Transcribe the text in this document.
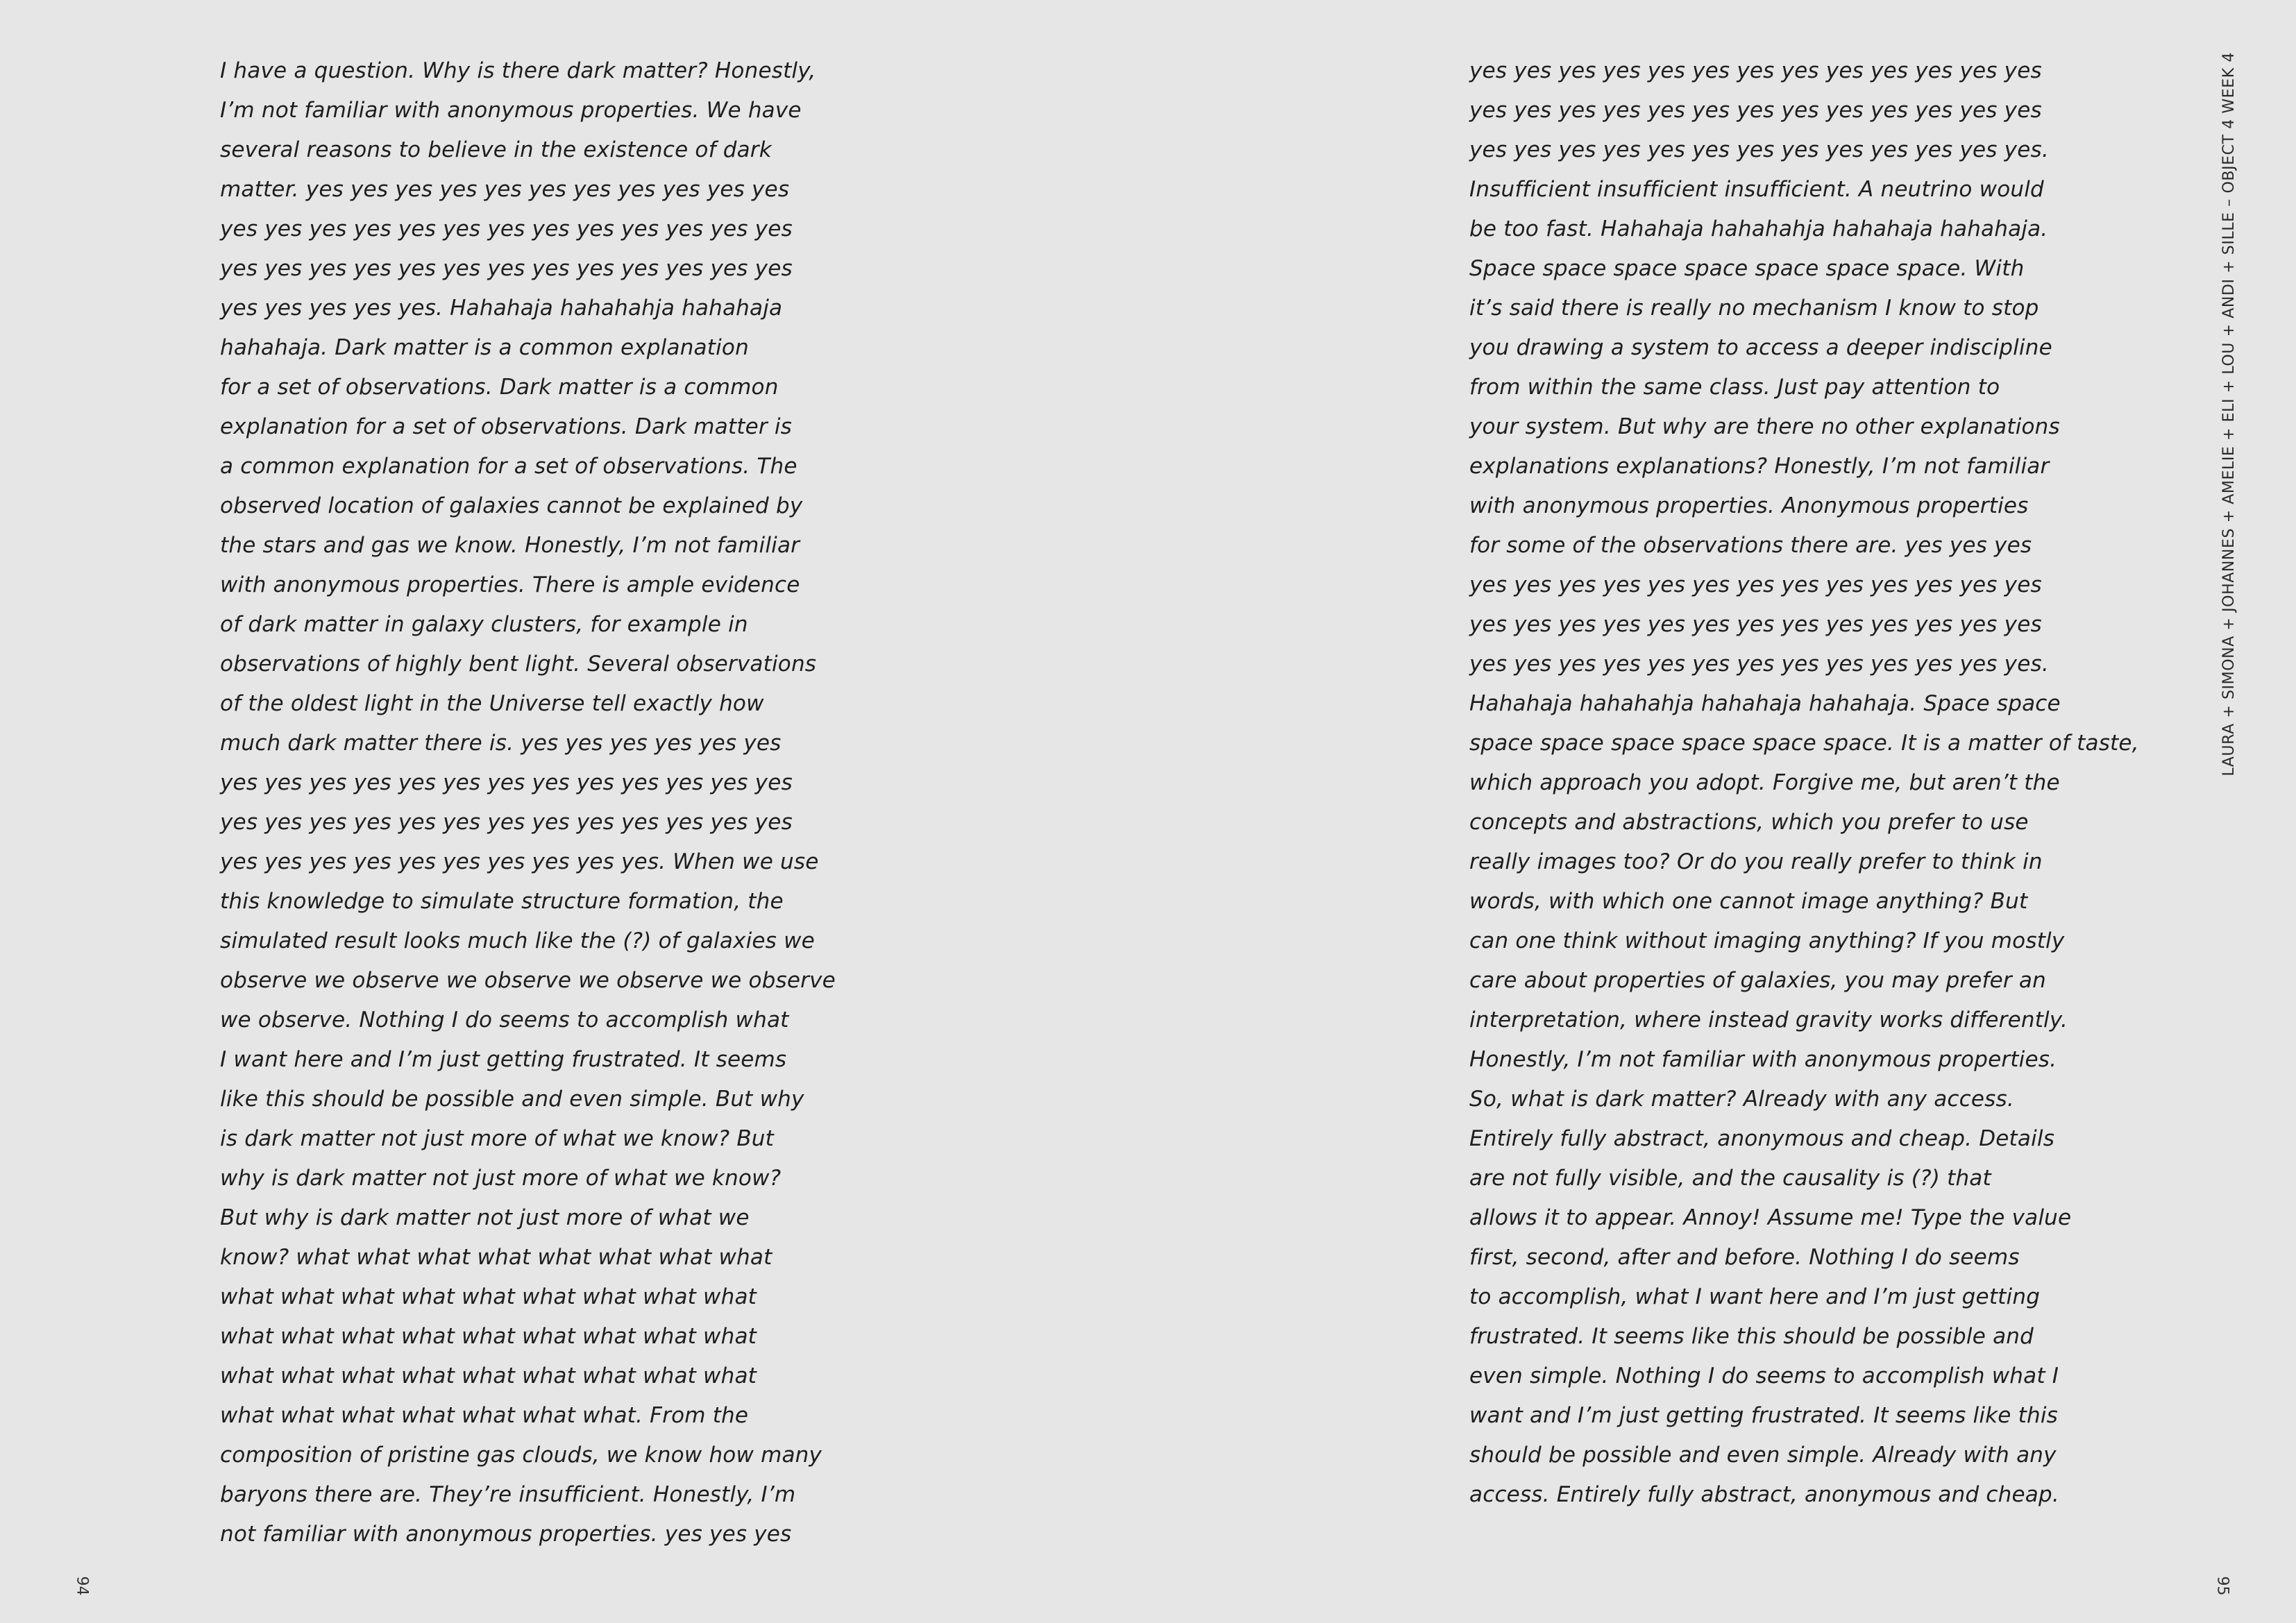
I have a question. Why is there dark matter? Honestly,
I’m not familiar with anonymous properties. We have
several reasons to believe in the existence of dark
matter. yes yes yes yes yes yes yes yes yes yes yes
yes yes yes yes yes yes yes yes yes yes yes yes yes
yes yes yes yes yes yes yes yes yes yes yes yes yes
yes yes yes yes yes. Hahahaja hahahahja hahahaja
hahahaja. Dark matter is a common explanation
for a set of observations. Dark matter is a common
explanation for a set of observations. Dark matter is
a common explanation for a set of observations. The
observed location of galaxies cannot be explained by
the stars and gas we know. Honestly, I’m not familiar
with anonymous properties. There is ample evidence
of dark matter in galaxy clusters, for example in
observations of highly bent light. Several observations
of the oldest light in the Universe tell exactly how
much dark matter there is. yes yes yes yes yes yes
yes yes yes yes yes yes yes yes yes yes yes yes yes
yes yes yes yes yes yes yes yes yes yes yes yes yes
yes yes yes yes yes yes yes yes yes yes. When we use
this knowledge to simulate structure formation, the
simulated result looks much like the (?) of galaxies we
observe we observe we observe we observe we observe
we observe. Nothing I do seems to accomplish what
I want here and I’m just getting frustrated. It seems
like this should be possible and even simple. But why
is dark matter not just more of what we know? But
why is dark matter not just more of what we know?
But why is dark matter not just more of what we
know? what what what what what what what what
what what what what what what what what what
what what what what what what what what what
what what what what what what what what what
what what what what what what what. From the
composition of pristine gas clouds, we know how many
baryons there are. They’re insufficient. Honestly, I’m
not familiar with anonymous properties. yes yes yes
94
yes yes yes yes yes yes yes yes yes yes yes yes yes
yes yes yes yes yes yes yes yes yes yes yes yes yes
yes yes yes yes yes yes yes yes yes yes yes yes yes.
Insufficient insufficient insufficient. A neutrino would
be too fast. Hahahaja hahahahja hahahaja hahahaja.
Space space space space space space space. With
it’s said there is really no mechanism I know to stop
you drawing a system to access a deeper indiscipline
from within the same class. Just pay attention to
your system. But why are there no other explanations
explanations explanations? Honestly, I’m not familiar
with anonymous properties. Anonymous properties
for some of the observations there are. yes yes yes
yes yes yes yes yes yes yes yes yes yes yes yes yes
yes yes yes yes yes yes yes yes yes yes yes yes yes
yes yes yes yes yes yes yes yes yes yes yes yes yes.
Hahahaja hahahahja hahahaja hahahaja. Space space
space space space space space space. It is a matter of taste,
which approach you adopt. Forgive me, but aren’t the
concepts and abstractions, which you prefer to use
really images too? Or do you really prefer to think in
words, with which one cannot image anything? But
can one think without imaging anything? If you mostly
care about properties of galaxies, you may prefer an
interpretation, where instead gravity works differently.
Honestly, I’m not familiar with anonymous properties.
So, what is dark matter? Already with any access.
Entirely fully abstract, anonymous and cheap. Details
are not fully visible, and the causality is (?) that
allows it to appear. Annoy! Assume me! Type the value
first, second, after and before. Nothing I do seems
to accomplish, what I want here and I’m just getting
frustrated. It seems like this should be possible and
even simple. Nothing I do seems to accomplish what I
want and I’m just getting frustrated. It seems like this
should be possible and even simple. Already with any
access. Entirely fully abstract, anonymous and cheap.
LAURA + SIMONA + JOHANNES + AMELIE + ELI + LOU + ANDI + SILLE – OBJECT 4 WEEK 4
95
